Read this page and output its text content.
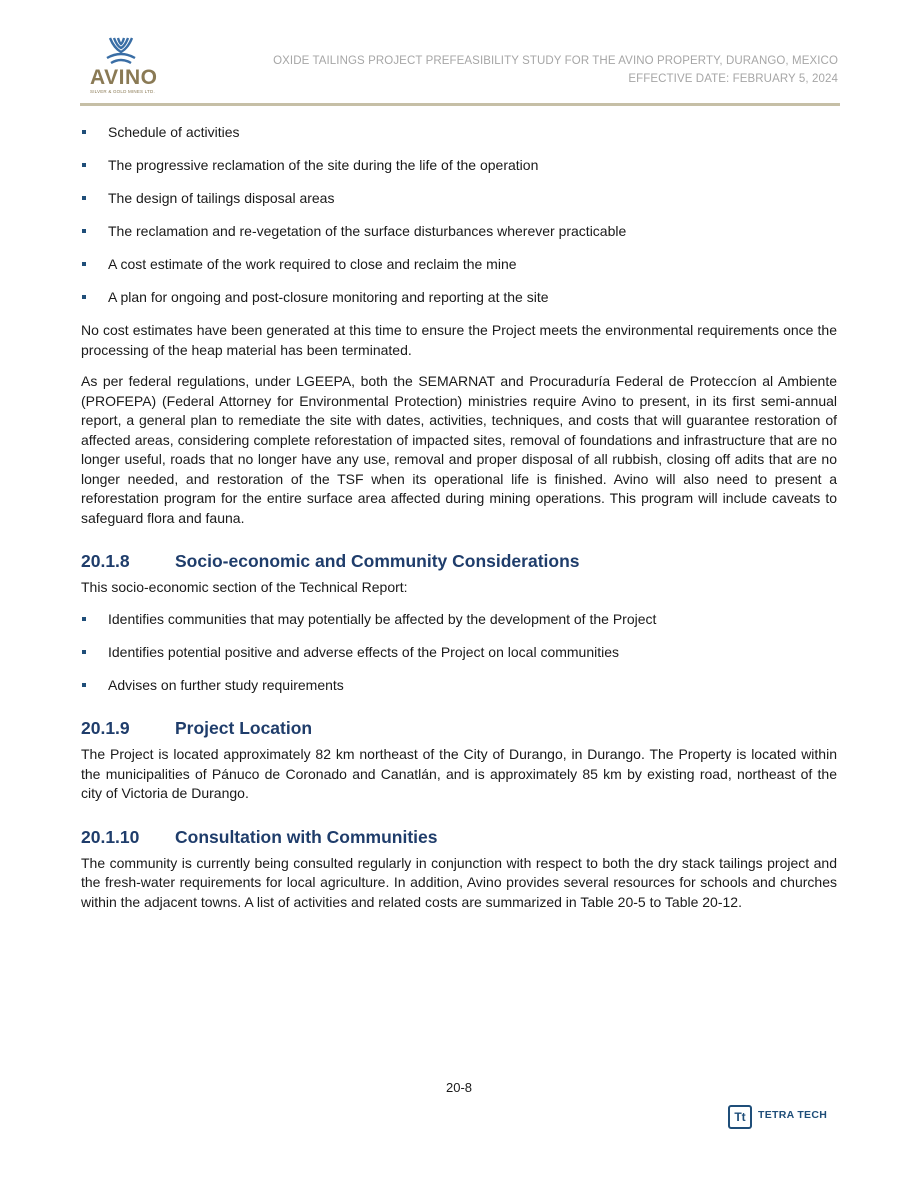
AVINO
SILVER & GOLD MINES LTD.
OXIDE TAILINGS PROJECT PREFEASIBILITY STUDY FOR THE AVINO PROPERTY, DURANGO, MEXICO
EFFECTIVE DATE: FEBRUARY 5, 2024
Schedule of activities
The progressive reclamation of the site during the life of the operation
The design of tailings disposal areas
The reclamation and re-vegetation of the surface disturbances wherever practicable
A cost estimate of the work required to close and reclaim the mine
A plan for ongoing and post-closure monitoring and reporting at the site

No cost estimates have been generated at this time to ensure the Project meets the environmental requirements once the processing of the heap material has been terminated.

As per federal regulations, under LGEEPA, both the SEMARNAT and Procuraduría Federal de Proteccíon al Ambiente (PROFEPA) (Federal Attorney for Environmental Protection) ministries require Avino to present, in its first semi-annual report, a general plan to remediate the site with dates, activities, techniques, and costs that will guarantee restoration of affected areas, considering complete reforestation of impacted sites, removal of foundations and infrastructure that are no longer useful, roads that no longer have any use, removal and proper disposal of all rubbish, closing off adits that are no longer needed, and restoration of the TSF when its operational life is finished. Avino will also need to present a reforestation program for the entire surface area affected during mining operations. This program will include caveats to safeguard flora and fauna.

20.1.8	Socio-economic and Community Considerations

This socio-economic section of the Technical Report:

Identifies communities that may potentially be affected by the development of the Project
Identifies potential positive and adverse effects of the Project on local communities
Advises on further study requirements
20.1.9	Project Location

The Project is located approximately 82 km northeast of the City of Durango, in Durango. The Property is located within the municipalities of Pánuco de Coronado and Canatlán, and is approximately 85 km by existing road, northeast of the city of Victoria de Durango.

20.1.10 Consultation with Communities

The community is currently being consulted regularly in conjunction with respect to both the dry stack tailings project and the fresh-water requirements for local agriculture. In addition, Avino provides several resources for schools and churches within the adjacent towns. A list of activities and related costs are summarized in Table 20-5 to Table 20-12.

20-8
Tt	TETRA TECH
